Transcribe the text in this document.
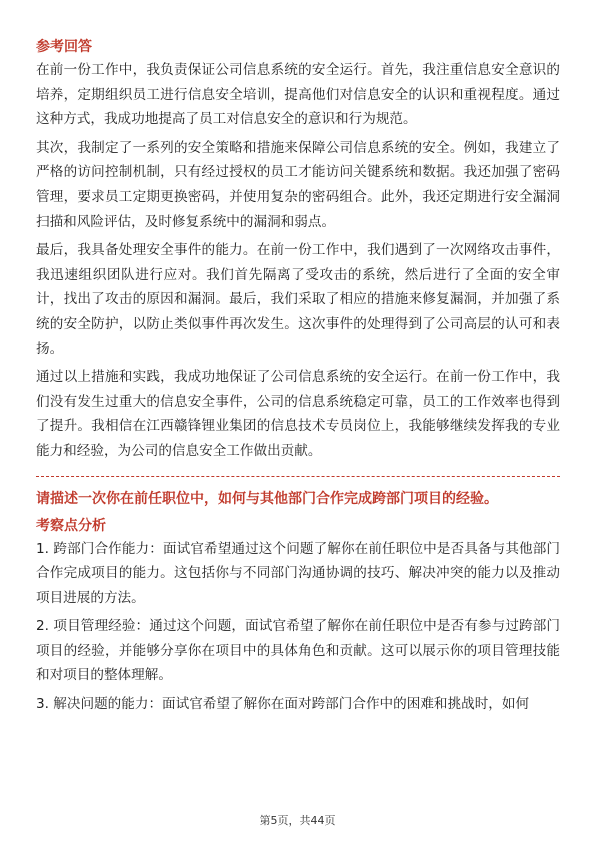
参考回答

在前一份工作中，我负责保证公司信息系统的安全运行。首先，我注重信息安全意识的培养，定期组织员工进行信息安全培训，提高他们对信息安全的认识和重视程度。通过这种方式，我成功地提高了员工对信息安全的意识和行为规范。

其次，我制定了一系列的安全策略和措施来保障公司信息系统的安全。例如，我建立了严格的访问控制机制，只有经过授权的员工才能访问关键系统和数据。我还加强了密码管理，要求员工定期更换密码，并使用复杂的密码组合。此外，我还定期进行安全漏洞扫描和风险评估，及时修复系统中的漏洞和弱点。

最后，我具备处理安全事件的能力。在前一份工作中，我们遇到了一次网络攻击事件，我迅速组织团队进行应对。我们首先隔离了受攻击的系统，然后进行了全面的安全审计，找出了攻击的原因和漏洞。最后，我们采取了相应的措施来修复漏洞，并加强了系统的安全防护，以防止类似事件再次发生。这次事件的处理得到了公司高层的认可和表扬。

通过以上措施和实践，我成功地保证了公司信息系统的安全运行。在前一份工作中，我们没有发生过重大的信息安全事件，公司的信息系统稳定可靠，员工的工作效率也得到了提升。我相信在江西赣锋锂业集团的信息技术专员岗位上，我能够继续发挥我的专业能力和经验，为公司的信息安全工作做出贡献。

请描述一次你在前任职位中，如何与其他部门合作完成跨部门项目的经验。

考察点分析

1. 跨部门合作能力：面试官希望通过这个问题了解你在前任职位中是否具备与其他部门合作完成项目的能力。这包括你与不同部门沟通协调的技巧、解决冲突的能力以及推动项目进展的方法。

2. 项目管理经验：通过这个问题，面试官希望了解你在前任职位中是否有参与过跨部门项目的经验，并能够分享你在项目中的具体角色和贡献。这可以展示你的项目管理技能和对项目的整体理解。

3. 解决问题的能力：面试官希望了解你在面对跨部门合作中的困难和挑战时，如何

第5页，共44页
